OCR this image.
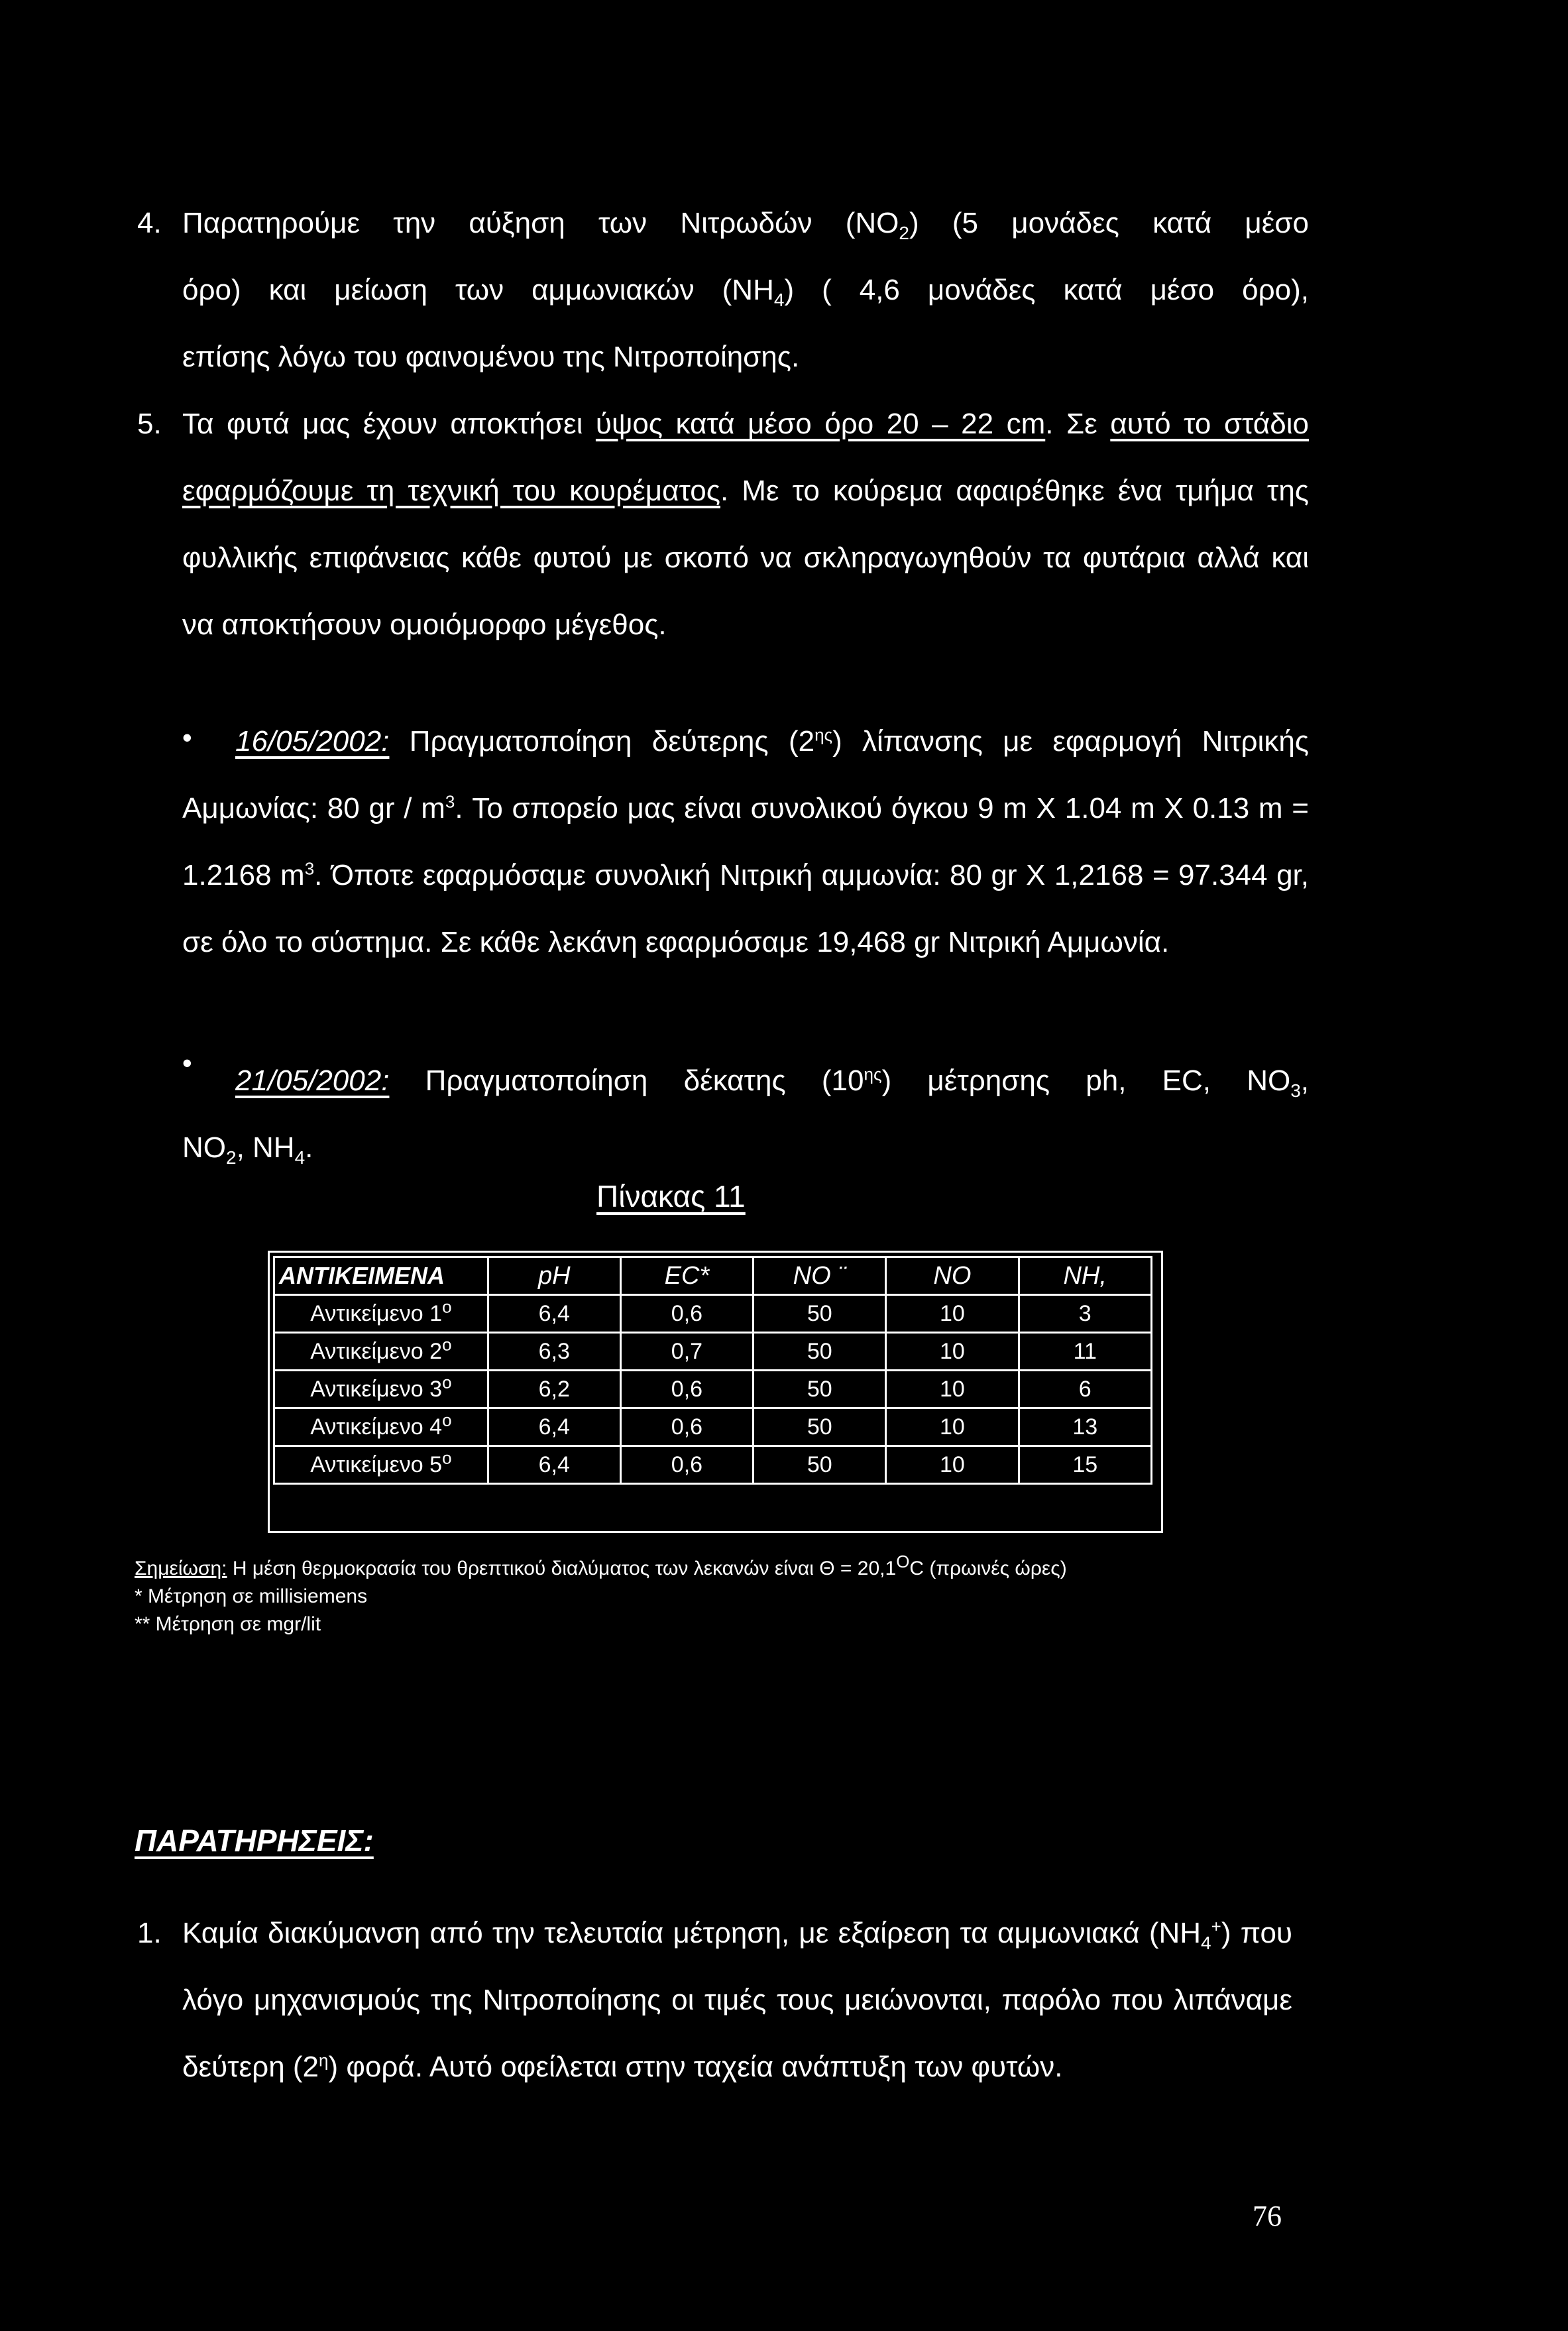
4. Παρατηρούμε την αύξηση των Νιτρωδών $(NO_2)$ (5 μονάδες κατά μέσο
όρο) και μείωση των αμμωνιακών $(NH_4)$ ( 4,6 μονάδες κατά μέσο όρο),
επίσης λόγω του φαινομένου της Νιτροποίησης.
5. Τα φυτά μας έχουν αποκτήσει ύψος κατά μέσο όρο 20 – 22 cm. Σε αυτό το στάδιο εφαρμόζουμε τη τεχνική του κουρέματος. Με το κούρεμα αφαιρέθηκε ένα τμήμα της φυλλικής επιφάνειας κάθε φυτού με σκοπό να σκληραγωγηθούν τα φυτάρια αλλά και να αποκτήσουν ομοιόμορφο μέγεθος.
•	16/05/2002: Πραγματοποίηση δεύτερης $(2^{\eta\varsigma})$ λίπανσης με εφαρμογή Νιτρικής Αμμωνίας: 80 gr / $m^3$. Το σπορείο μας είναι συνολικού όγκου 9 m X 1.04 m X 0.13 m = 1.2168 $m^3$. Όποτε εφαρμόσαμε συνολική Νιτρική αμμωνία: 80 gr X 1,2168 = 97.344 gr, σε όλο το σύστημα. Σε κάθε λεκάνη εφαρμόσαμε 19,468 gr Νιτρική Αμμωνία.
•
21/05/2002: Πραγματοποίηση δέκατης $(10^{\eta\varsigma})$ μέτρησης ph, EC, $NO_3$,
$NO_2$, $NH_4$.
Πίνακας 11
ΑΝΤΙΚΕΙΜΕΝΑ	pH	EC*	NO ¨	NO	NH,
Αντικείμενο $1^o$	6,4	0,6	50	10	3
Αντικείμενο $2^o$	6,3	0,7	50	10	11
Αντικείμενο $3^o$	6,2	0,6	50	10	6
Αντικείμενο $4^o$	6,4	0,6	50	10	13
Αντικείμενο $5^o$	6,4	0,6	50	10	15
Σημείωση: Η μέση θερμοκρασία του θρεπτικού διαλύματος των λεκανών είναι $\Theta = 20,1^OC$ (πρωινές ώρες)
* Μέτρηση σε millisiemens
** Μέτρηση σε mgr/lit
ΠΑΡΑΤΗΡΗΣΕΙΣ:
1. Καμία διακύμανση από την τελευταία μέτρηση, με εξαίρεση τα αμμωνιακά $(NH_4^+)$ που λόγο μηχανισμούς της Νιτροποίησης οι τιμές τους μειώνονται, παρόλο που λιπάναμε δεύτερη $(2^\eta)$ φορά. Αυτό οφείλεται στην ταχεία ανάπτυξη των φυτών.
76
